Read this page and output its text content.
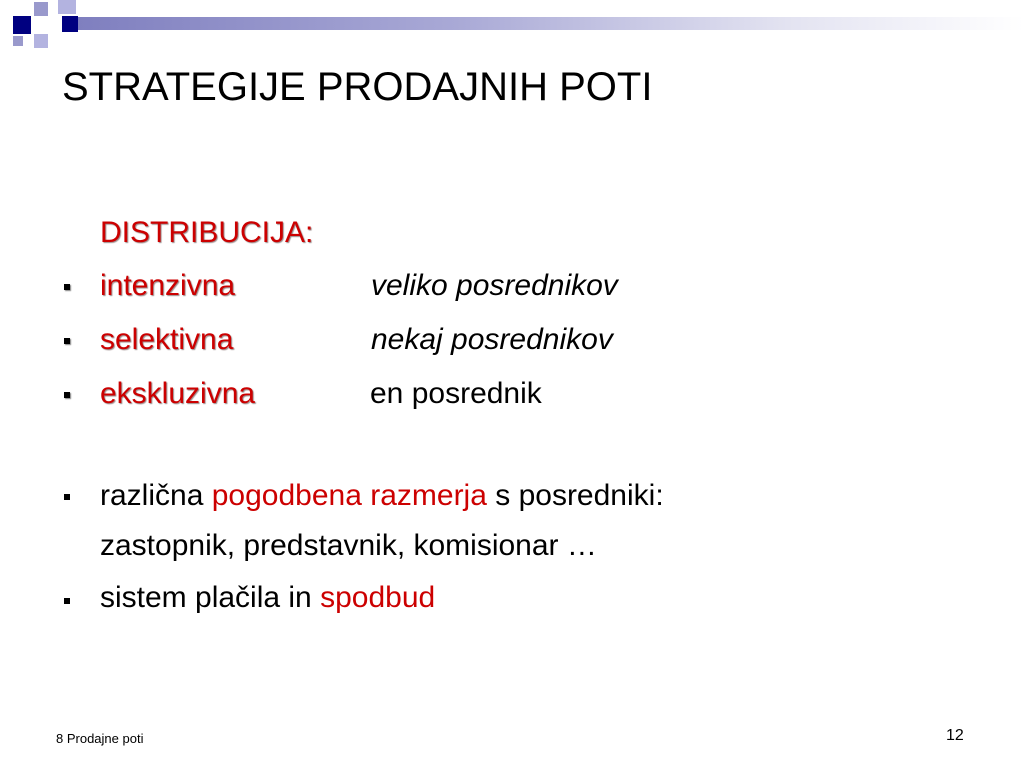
STRATEGIJE PRODAJNIH POTI
DISTRIBUCIJA:
intenzivna	veliko posrednikov
selektivna	nekaj posrednikov
ekskluzivna	en posrednik
različna pogodbena razmerja s posredniki:
zastopnik, predstavnik, komisionar …
sistem plačila in spodbud
8 Prodajne poti	12
